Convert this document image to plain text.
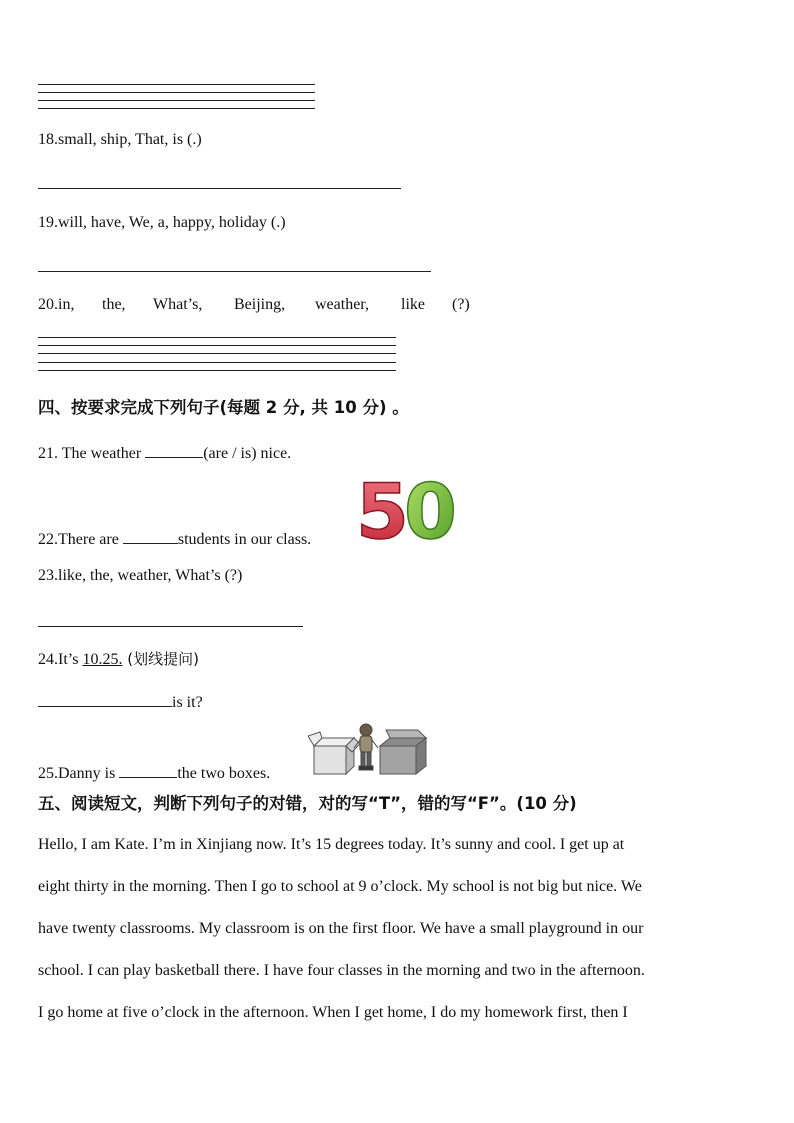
18.small, ship, That, is (.)
19.will, have, We, a, happy, holiday (.)
20.in, the, What’s, Beijing, weather, like (?)
四、按要求完成下列句子(每题 2 分, 共 10 分) 。
21. The weather	(are / is) nice.
22.There are	students in our class. 5
0
23.like, the, weather, What’s (?)
24.It’s 10.25. (划线提问)
is it?
25.Danny is	the two boxes.
五、阅读短文，判断下列句子的对错，对的写“T”，错的写“F”。(10 分)
Hello, I am Kate. I’m in Xinjiang now. It’s 15 degrees today. It’s sunny and cool. I get up at
eight thirty in the morning. Then I go to school at 9 o’clock. My school is not big but nice. We
have twenty classrooms. My classroom is on the first floor. We have a small playground in our
school. I can play basketball there. I have four classes in the morning and two in the afternoon.
I go home at five o’clock in the afternoon. When I get home, I do my homework first, then I
